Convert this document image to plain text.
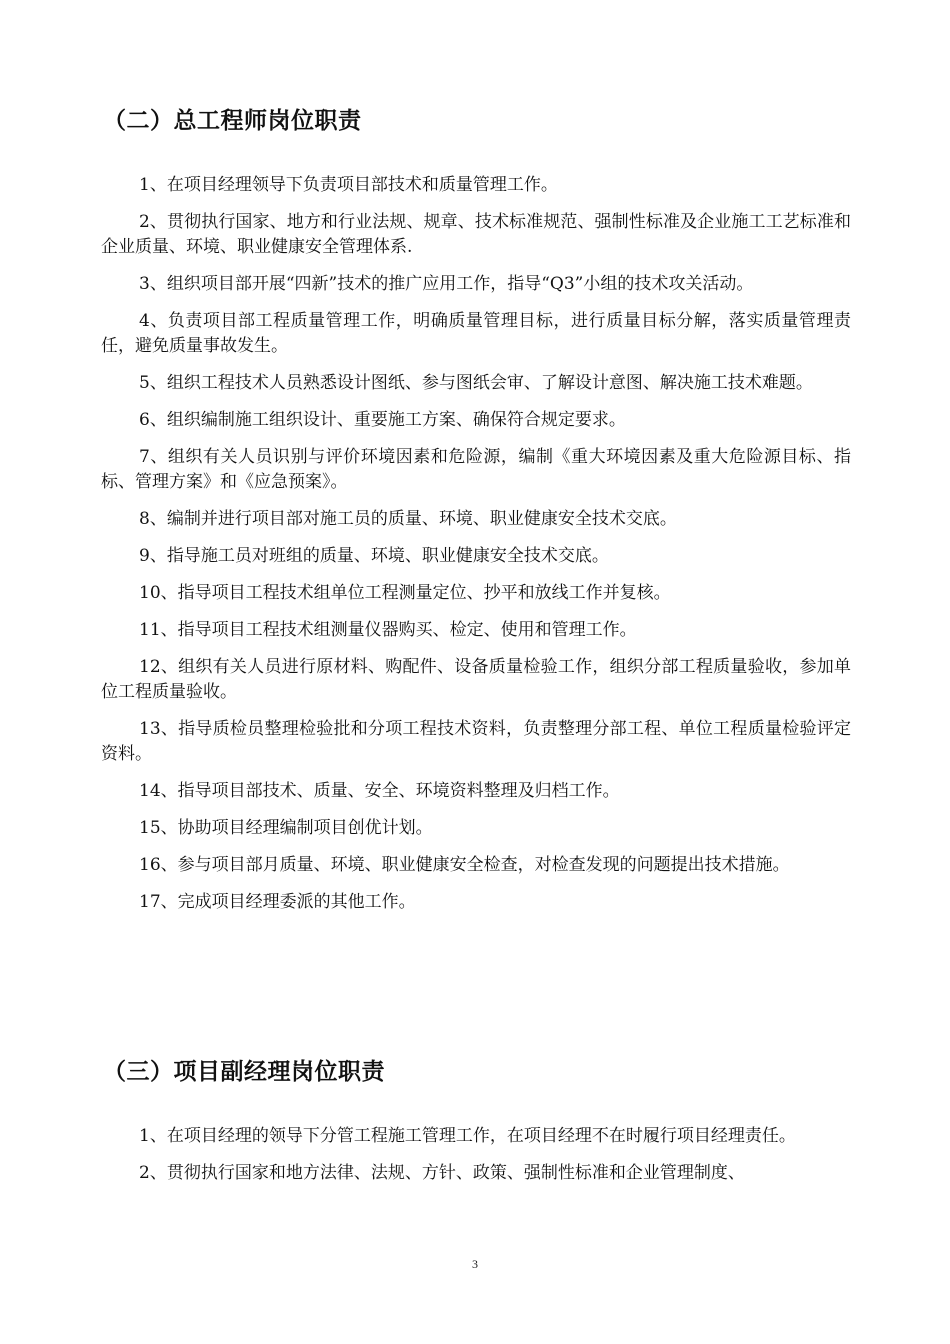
（二）总工程师岗位职责

1、在项目经理领导下负责项目部技术和质量管理工作。

2、贯彻执行国家、地方和行业法规、规章、技术标准规范、强制性标准及企业施工工艺标准和企业质量、环境、职业健康安全管理体系.

3、组织项目部开展“四新”技术的推广应用工作，指导“Q3”小组的技术攻关活动。

4、负责项目部工程质量管理工作，明确质量管理目标，进行质量目标分解，落实质量管理责任，避免质量事故发生。

5、组织工程技术人员熟悉设计图纸、参与图纸会审、了解设计意图、解决施工技术难题。

6、组织编制施工组织设计、重要施工方案、确保符合规定要求。

7、组织有关人员识别与评价环境因素和危险源，编制《重大环境因素及重大危险源目标、指标、管理方案》和《应急预案》。

8、编制并进行项目部对施工员的质量、环境、职业健康安全技术交底。

9、指导施工员对班组的质量、环境、职业健康安全技术交底。

10、指导项目工程技术组单位工程测量定位、抄平和放线工作并复核。

11、指导项目工程技术组测量仪器购买、检定、使用和管理工作。

12、组织有关人员进行原材料、购配件、设备质量检验工作，组织分部工程质量验收，参加单位工程质量验收。

13、指导质检员整理检验批和分项工程技术资料，负责整理分部工程、单位工程质量检验评定资料。

14、指导项目部技术、质量、安全、环境资料整理及归档工作。

15、协助项目经理编制项目创优计划。

16、参与项目部月质量、环境、职业健康安全检查，对检查发现的问题提出技术措施。

17、完成项目经理委派的其他工作。

（三）项目副经理岗位职责

1、在项目经理的领导下分管工程施工管理工作，在项目经理不在时履行项目经理责任。

2、贯彻执行国家和地方法律、法规、方针、政策、强制性标准和企业管理制度、

3
